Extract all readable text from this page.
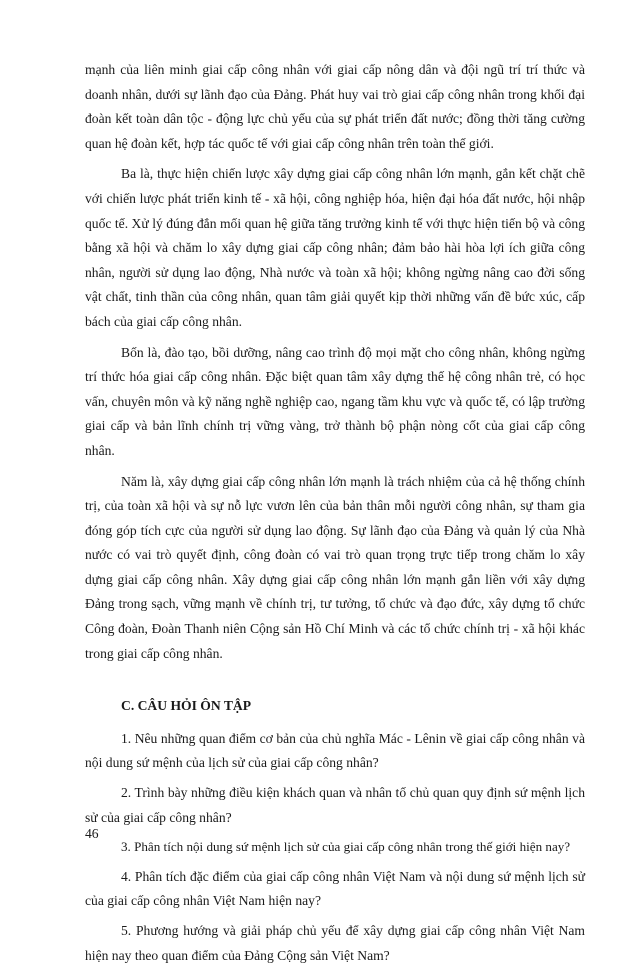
mạnh của liên minh giai cấp công nhân với giai cấp nông dân và đội ngũ trí trí thức và doanh nhân, dưới sự lãnh đạo của Đảng. Phát huy vai trò giai cấp công nhân trong khối đại đoàn kết toàn dân tộc - động lực chủ yếu của sự phát triển đất nước; đồng thời tăng cường quan hệ đoàn kết, hợp tác quốc tế với giai cấp công nhân trên toàn thế giới.

Ba là, thực hiện chiến lược xây dựng giai cấp công nhân lớn mạnh, gắn kết chặt chẽ với chiến lược phát triển kinh tế - xã hội, công nghiệp hóa, hiện đại hóa đất nước, hội nhập quốc tế. Xử lý đúng đắn mối quan hệ giữa tăng trưởng kinh tế với thực hiện tiến bộ và công bằng xã hội và chăm lo xây dựng giai cấp công nhân; đảm bảo hài hòa lợi ích giữa công nhân, người sử dụng lao động, Nhà nước và toàn xã hội; không ngừng nâng cao đời sống vật chất, tinh thần của công nhân, quan tâm giải quyết kịp thời những vấn đề bức xúc, cấp bách của giai cấp công nhân.

Bốn là, đào tạo, bồi dưỡng, nâng cao trình độ mọi mặt cho công nhân, không ngừng trí thức hóa giai cấp công nhân. Đặc biệt quan tâm xây dựng thế hệ công nhân trẻ, có học vấn, chuyên môn và kỹ năng nghề nghiệp cao, ngang tầm khu vực và quốc tế, có lập trường giai cấp và bản lĩnh chính trị vững vàng, trở thành bộ phận nòng cốt của giai cấp công nhân.

Năm là, xây dựng giai cấp công nhân lớn mạnh là trách nhiệm của cả hệ thống chính trị, của toàn xã hội và sự nỗ lực vươn lên của bản thân mỗi người công nhân, sự tham gia đóng góp tích cực của người sử dụng lao động. Sự lãnh đạo của Đảng và quản lý của Nhà nước có vai trò quyết định, công đoàn có vai trò quan trọng trực tiếp trong chăm lo xây dựng giai cấp công nhân. Xây dựng giai cấp công nhân lớn mạnh gắn liền với xây dựng Đảng trong sạch, vững mạnh về chính trị, tư tưởng, tổ chức và đạo đức, xây dựng tổ chức Công đoàn, Đoàn Thanh niên Cộng sản Hồ Chí Minh và các tổ chức chính trị - xã hội khác trong giai cấp công nhân.

C. CÂU HỎI ÔN TẬP

1. Nêu những quan điểm cơ bản của chủ nghĩa Mác - Lênin về giai cấp công nhân và nội dung sứ mệnh của lịch sử của giai cấp công nhân?

2. Trình bày những điều kiện khách quan và nhân tố chủ quan quy định sứ mệnh lịch sử của giai cấp công nhân?

3. Phân tích nội dung sứ mệnh lịch sử của giai cấp công nhân trong thế giới hiện nay?

4. Phân tích đặc điểm của giai cấp công nhân Việt Nam và nội dung sứ mệnh lịch sử của giai cấp công nhân Việt Nam hiện nay?

5. Phương hướng và giải pháp chủ yếu để xây dựng giai cấp công nhân Việt Nam hiện nay theo quan điểm của Đảng Cộng sản Việt Nam?

46
